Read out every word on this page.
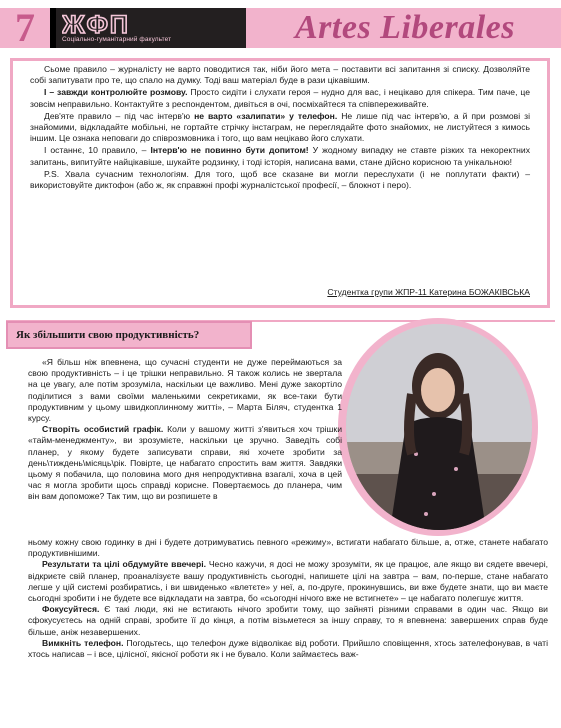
7	ЖФП
Соціально-гуманітарний факультет	Artes Liberales

Сьоме правило – журналісту не варто поводитися так, ніби його мета – поставити всі запитання зі списку. Дозволяйте собі запитувати про те, що спало на думку. Тоді ваш матеріал буде в рази цікавішим.

І – завжди контролюйте розмову. Просто сидіти і слухати героя – нудно для вас, і нецікаво для спікера. Тим паче, це зовсім неправильно. Контактуйте з респондентом, дивіться в очі, посміхайтеся та співпереживайте.

Дев'яте правило – під час інтерв'ю не варто «залипати» у телефон. Не лише під час інтерв'ю, а й при розмові зі знайомими, відкладайте мобільні, не гортайте стрічку інстаграм, не переглядайте фото знайомих, не листуйтеся з кимось іншим. Це ознака неповаги до співрозмовника і того, що вам нецікаво його слухати.

І останнє, 10 правило, – Інтерв'ю не повинно бути допитом! У жодному випадку не ставте різких та некоректних запитань, випитуйте найцікавіше, шукайте родзинку, і тоді історія, написана вами, стане дійсно корисною та унікальною!

P.S. Хвала сучасним технологіям. Для того, щоб все сказане ви могли переслухати (і не поплутати факти) – використовуйте диктофон (або ж, як справжні профі журналістської професії, – блокнот і перо).

Студентка групи ЖПР-11 Катерина БОЖАКІВСЬКА
Як збільшити свою продуктивність?

«Я більш ніж впевнена, що сучасні студенти не дуже переймаються за свою продуктивність – і це трішки неправильно. Я також колись не звертала на це увагу, але потім зрозуміла, наскільки це важливо. Мені дуже закортіло поділитися з вами своїми маленькими секретиками, як все-таки бути продуктивним у цьому швидкоплинному житті», – Марта Біляч, студентка 1 курсу.

Створіть особистий графік. Коли у вашому житті з'явиться хоч трішки «тайм-менеджменту», ви зрозумієте, наскільки це зручно. Заведіть собі планер, у якому будете записувати справи, які хочете зробити за день\тиждень\місяць\рік. Повірте, це набагато спростить вам життя. Завдяки цьому я побачила, що половина мого дня непродуктивна взагалі, хоча в цей час я могла зробити щось справді корисне. Повертаємось до планера, чим він вам допоможе? Так тим, що ви розпишете в

ньому кожну свою годинку в дні і будете дотримуватись певного «режиму», встигати набагато більше, а, отже, станете набагато продуктивнішими.

Результати та цілі обдумуйте ввечері. Чесно кажучи, я досі не можу зрозуміти, як це працює, але якщо ви сядете ввечері, відкриєте свій планер, проаналізуєте вашу продуктивність сьогодні, напишете цілі на завтра – вам, по-перше, стане набагато легше у цій системі розбиратись, і ви швиденько «влетєте» у неї, а, по-друге, прокинувшись, ви вже будете знати, що ви маєте сьогодні зробити і не будете все відкладати на завтра, бо «сьогодні нічого вже не встигнете» – це набагато полегшує життя.

Фокусуйтеся. Є такі люди, які не встигають нічого зробити тому, що зайняті різними справами в один час. Якщо ви сфокусуєтесь на одній справі, зробите її до кінця, а потім візьметеся за іншу справу, то я впевнена: завершених справ буде більше, аніж незавершених.

Вимкніть телефон. Погодьтесь, що телефон дуже відволікає від роботи. Прийшло сповіщення, хтось зателефонував, в чаті хтось написав – і все, цілісної, якісної роботи як і не бувало. Коли займаєтесь важ-
